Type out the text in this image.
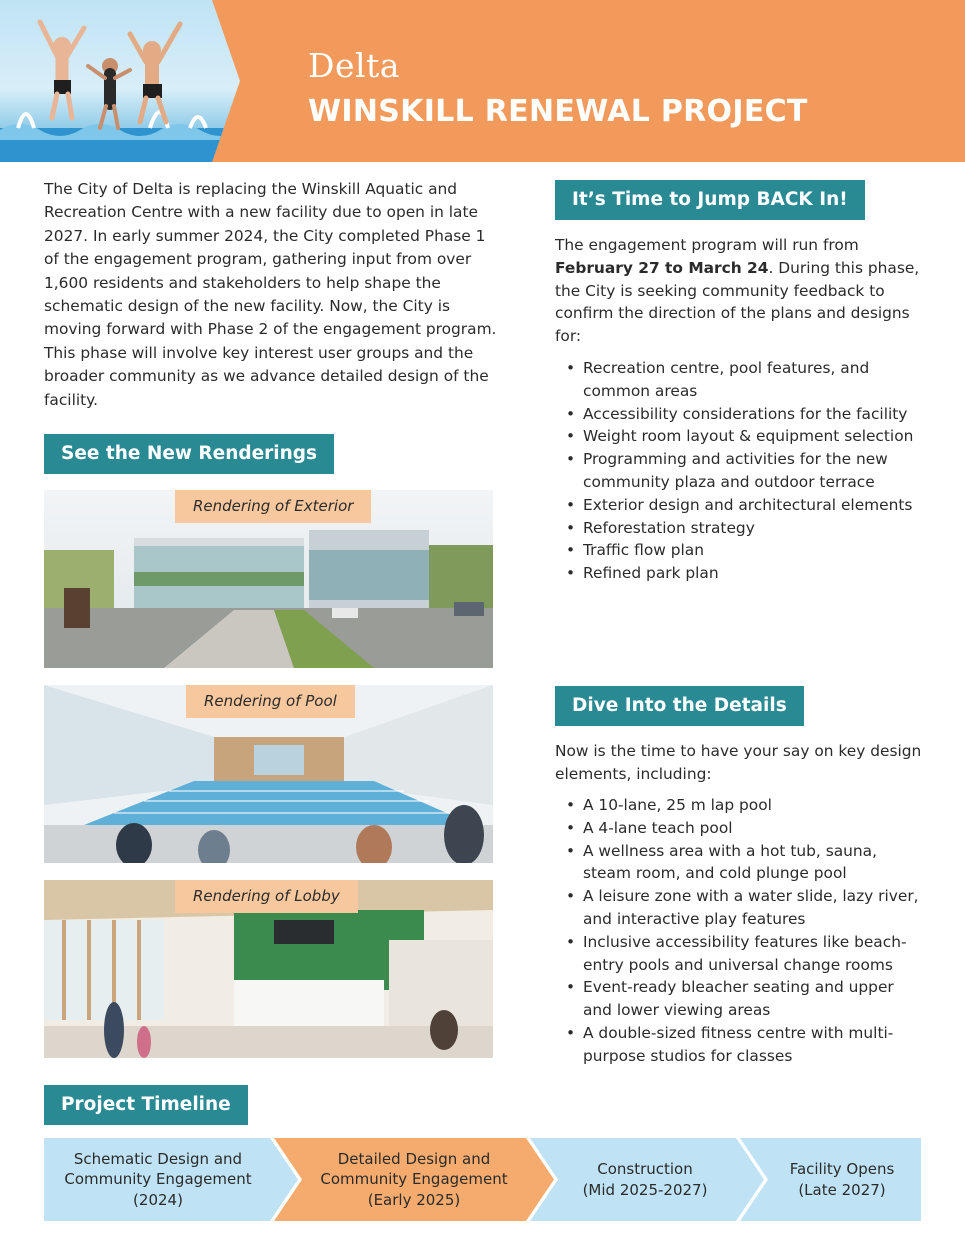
Delta
WINSKILL RENEWAL PROJECT
The City of Delta is replacing the Winskill Aquatic and Recreation Centre with a new facility due to open in late 2027. In early summer 2024, the City completed Phase 1 of the engagement program, gathering input from over 1,600 residents and stakeholders to help shape the schematic design of the new facility. Now, the City is moving forward with Phase 2 of the engagement program. This phase will involve key interest user groups and the broader community as we advance detailed design of the facility.
See the New Renderings
Rendering of Exterior
Rendering of Pool
Rendering of Lobby
It’s Time to Jump BACK In!
The engagement program will run from February 27 to March 24. During this phase, the City is seeking community feedback to confirm the direction of the plans and designs for:
• Recreation centre, pool features, and common areas
• Accessibility considerations for the facility
• Weight room layout & equipment selection
• Programming and activities for the new community plaza and outdoor terrace
• Exterior design and architectural elements
• Reforestation strategy
• Traffic flow plan
• Refined park plan
Dive Into the Details
Now is the time to have your say on key design elements, including:
• A 10-lane, 25 m lap pool
• A 4-lane teach pool
• A wellness area with a hot tub, sauna, steam room, and cold plunge pool
• A leisure zone with a water slide, lazy river, and interactive play features
• Inclusive accessibility features like beach-entry pools and universal change rooms
• Event-ready bleacher seating and upper and lower viewing areas
• A double-sized fitness centre with multi-purpose studios for classes
Project Timeline
Schematic Design and
Community Engagement
(2024)
Detailed Design and
Community Engagement
(Early 2025)
Construction
(Mid 2025-2027)
Facility Opens
(Late 2027)
